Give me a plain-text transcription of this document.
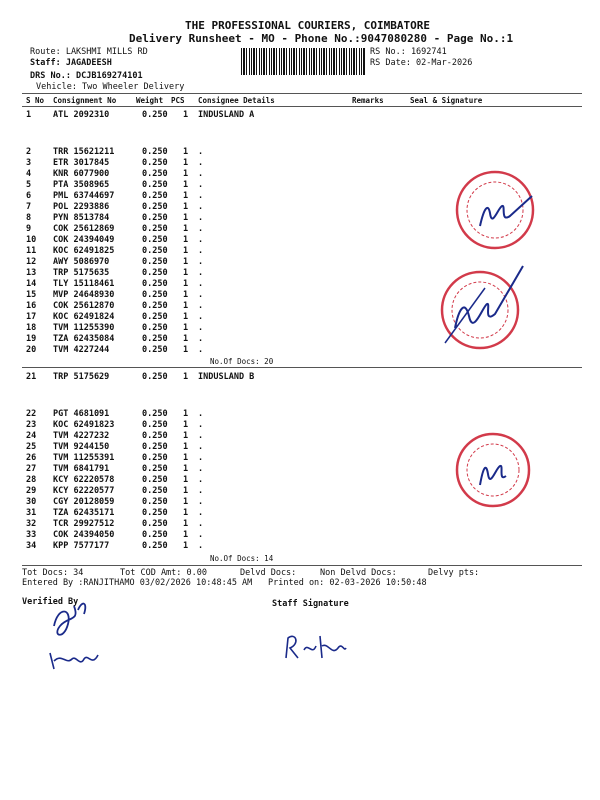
THE PROFESSIONAL COURIERS, COIMBATORE
Delivery Runsheet - MO - Phone No.:9047080280 - Page No.:1
Route: LAKSHMI MILLS RD
Staff: JAGADEESH
DRS No.: DCJB169274101
Vehicle: Two Wheeler Delivery
RS No.: 1692741
RS Date: 02-Mar-2026
S No Consignment No	Weight PCS Consignee Details	Remarks	Seal & Signature
1	ATL 2092310	0.250 1 INDUSLAND A
2	TRR 15621211	0.250 1 .
3	ETR 3017845	0.250 1 .
4	KNR 6077900	0.250 1 .
5	PTA 3508965	0.250 1 .
6	PML 63744697	0.250 1 .
7	POL 2293886	0.250 1 .
8	PYN 8513784	0.250 1 .
9	COK 25612869	0.250 1 .
10 COK 24394049	0.250 1 .
11 KOC 62491825	0.250 1 .
12 AWY 5086970	0.250 1 .
13 TRP 5175635	0.250 1 .
14 TLY 15118461	0.250 1 .
15 MVP 24648930	0.250 1 .
16 COK 25612870	0.250 1 .
17 KOC 62491824	0.250 1 .
18 TVM 11255390	0.250 1 .
19 TZA 62435084	0.250 1 .
20 TVM 4227244	0.250 1 .
No.Of Docs: 20
21 TRP 5175629	0.250 1 INDUSLAND B
22 PGT 4681091	0.250 1 .
23 KOC 62491823	0.250 1 .
24 TVM 4227232	0.250 1 .
25 TVM 9244150	0.250 1 .
26 TVM 11255391	0.250 1 .
27 TVM 6841791	0.250 1 .
28 KCY 62220578	0.250 1 .
29 KCY 62220577	0.250 1 .
30 CGY 20128059	0.250 1 .
31 TZA 62435171	0.250 1 .
32 TCR 29927512	0.250 1 .
33 COK 24394050	0.250 1 .
34 KPP 7577177	0.250 1 .
No.Of Docs: 14
Tot Docs: 34	Tot COD Amt: 0.00	Delvd Docs:	Non Delvd Docs:	Delvy pts:
Entered By :RANJITHAMO 03/02/2026 10:48:45 AM Printed on: 02-03-2026 10:50:48
Verified By	Staff Signature
